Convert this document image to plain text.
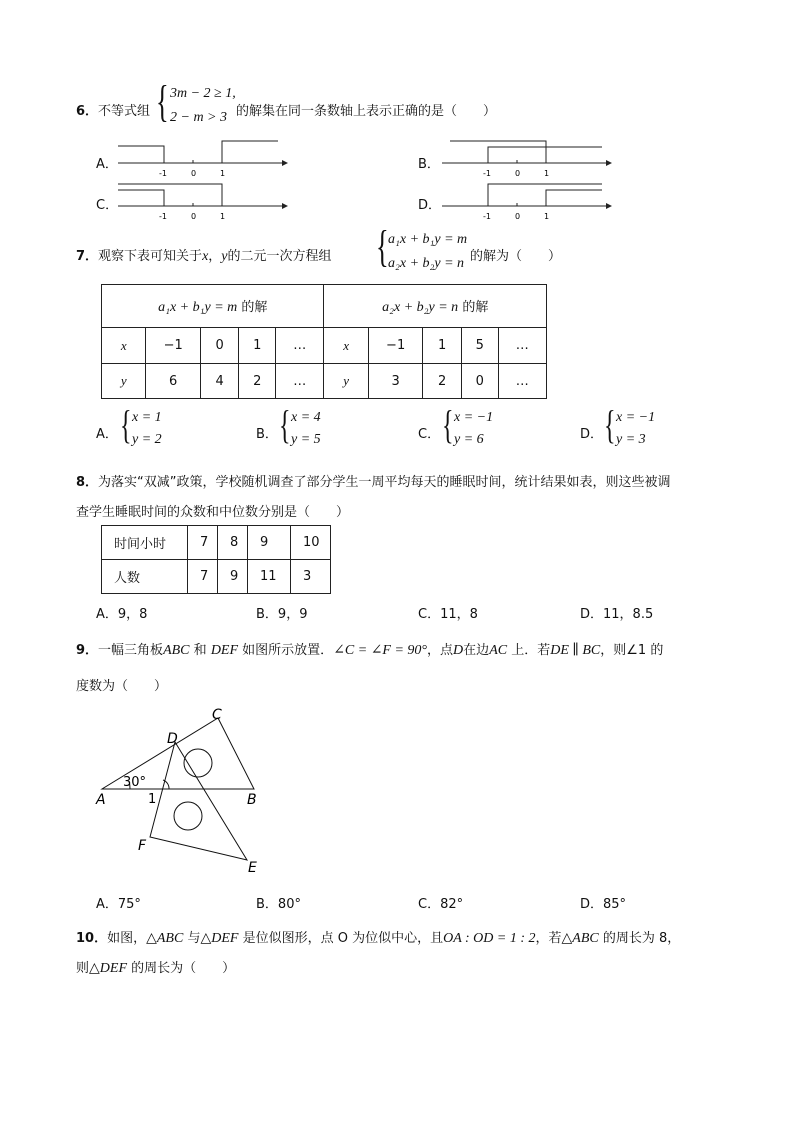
6．不等式组 { 3m − 2 ≥ 1,
2 − m > 3 的解集在同一条数轴上表示正确的是（　　）
A．
-1	0	1
B．
-1	0	1
C．
-1	0	1
D．
-1	0	1
7．观察下表可知关于x，y的二元一次方程组 { a₁x + b₁y = m
a₂x + b₂y = n 的解为（　　）
a₁x + b₁y = m 的解					a₂x + b₂y = n 的解				
x	−1	0	1	…	x	−1	1	5	…
y	6	4	2	…	y	3	2	0	…
A． { x = 1
y = 2	B． { x = 4
y = 5	C． { x = −1
y = 6	D． { x = −1
y = 3
8．为落实“双减”政策，学校随机调查了部分学生一周平均每天的睡眠时间，统计结果如表，则这些被调
查学生睡眠时间的众数和中位数分别是（　　）
时间小时	7	8	9	10
人数	7	9	11	3
A．9，8	B．9，9	C．11，8	D．11，8.5
9．一幅三角板ABC 和 DEF 如图所示放置．∠C = ∠F = 90°，点D在边AC 上．若DE ∥ BC，则∠1 的
度数为（　　）
A	B
C
D
E
F
1
30°
A．75°	B．80°	C．82°	D．85°
10．如图，△ABC 与△DEF 是位似图形，点 O 为位似中心，且OA : OD = 1 : 2，若△ABC 的周长为 8，
则△DEF 的周长为（　　）
